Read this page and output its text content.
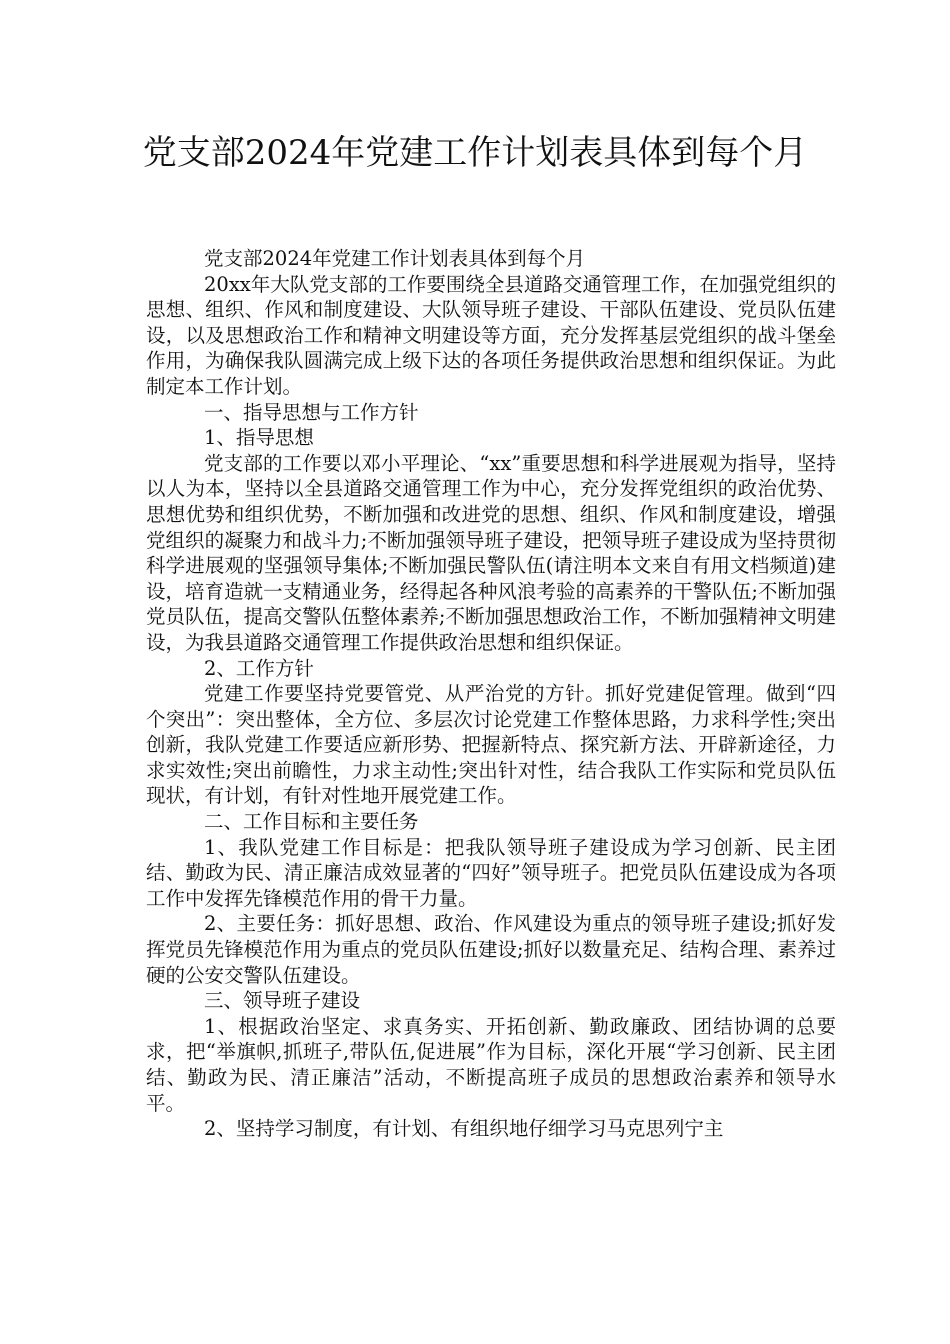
党支部2024年党建工作计划表具体到每个月

党支部2024年党建工作计划表具体到每个月

20xx年大队党支部的工作要围绕全县道路交通管理工作，在加强党组织的思想、组织、作风和制度建设、大队领导班子建设、干部队伍建设、党员队伍建设，以及思想政治工作和精神文明建设等方面，充分发挥基层党组织的战斗堡垒作用，为确保我队圆满完成上级下达的各项任务提供政治思想和组织保证。为此制定本工作计划。

一、指导思想与工作方针

1、指导思想

党支部的工作要以邓小平理论、“xx”重要思想和科学进展观为指导，坚持以人为本，坚持以全县道路交通管理工作为中心，充分发挥党组织的政治优势、思想优势和组织优势，不断加强和改进党的思想、组织、作风和制度建设，增强党组织的凝聚力和战斗力;不断加强领导班子建设，把领导班子建设成为坚持贯彻科学进展观的坚强领导集体;不断加强民警队伍(请注明本文来自有用文档频道)建设，培育造就一支精通业务，经得起各种风浪考验的高素养的干警队伍;不断加强党员队伍，提高交警队伍整体素养;不断加强思想政治工作，不断加强精神文明建设，为我县道路交通管理工作提供政治思想和组织保证。

2、工作方针

党建工作要坚持党要管党、从严治党的方针。抓好党建促管理。做到“四个突出”：突出整体，全方位、多层次讨论党建工作整体思路，力求科学性;突出创新，我队党建工作要适应新形势、把握新特点、探究新方法、开辟新途径，力求实效性;突出前瞻性，力求主动性;突出针对性，结合我队工作实际和党员队伍现状，有计划，有针对性地开展党建工作。

二、工作目标和主要任务

1、我队党建工作目标是：把我队领导班子建设成为学习创新、民主团结、勤政为民、清正廉洁成效显著的“四好”领导班子。把党员队伍建设成为各项工作中发挥先锋模范作用的骨干力量。

2、主要任务：抓好思想、政治、作风建设为重点的领导班子建设;抓好发挥党员先锋模范作用为重点的党员队伍建设;抓好以数量充足、结构合理、素养过硬的公安交警队伍建设。

三、领导班子建设

1、根据政治坚定、求真务实、开拓创新、勤政廉政、团结协调的总要求，把“举旗帜,抓班子,带队伍,促进展”作为目标，深化开展“学习创新、民主团结、勤政为民、清正廉洁”活动，不断提高班子成员的思想政治素养和领导水平。

2、坚持学习制度，有计划、有组织地仔细学习马克思列宁主
